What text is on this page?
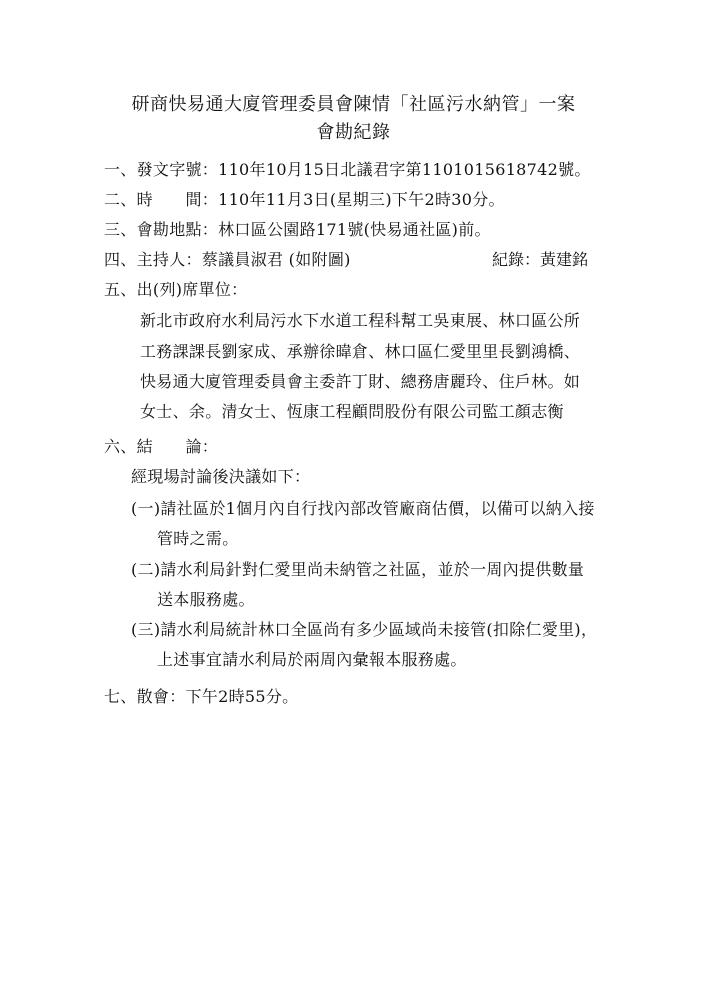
研商快易通大廈管理委員會陳情「社區污水納管」一案
會勘紀錄
一、發文字號：110年10月15日北議君字第1101015618742號。
二、時　　間：110年11月3日(星期三)下午2時30分。
三、會勘地點：林口區公園路171號(快易通社區)前。
四、主持人：蔡議員淑君 (如附圖)	紀錄：黃建銘
五、出(列)席單位：
新北市政府水利局污水下水道工程科幫工吳東展、林口區公所
工務課課長劉家成、承辦徐暐倉、林口區仁愛里里長劉鴻橋、
快易通大廈管理委員會主委許丁財、總務唐麗玲、住戶林。如
女士、余。清女士、恆康工程顧問股份有限公司監工顏志衡
六、結　　論：
經現場討論後決議如下：
(一)請社區於1個月內自行找內部改管廠商估價，以備可以納入接
管時之需。
(二)請水利局針對仁愛里尚未納管之社區，並於一周內提供數量
送本服務處。
(三)請水利局統計林口全區尚有多少區域尚未接管(扣除仁愛里)，
上述事宜請水利局於兩周內彙報本服務處。
七、散會：下午2時55分。
